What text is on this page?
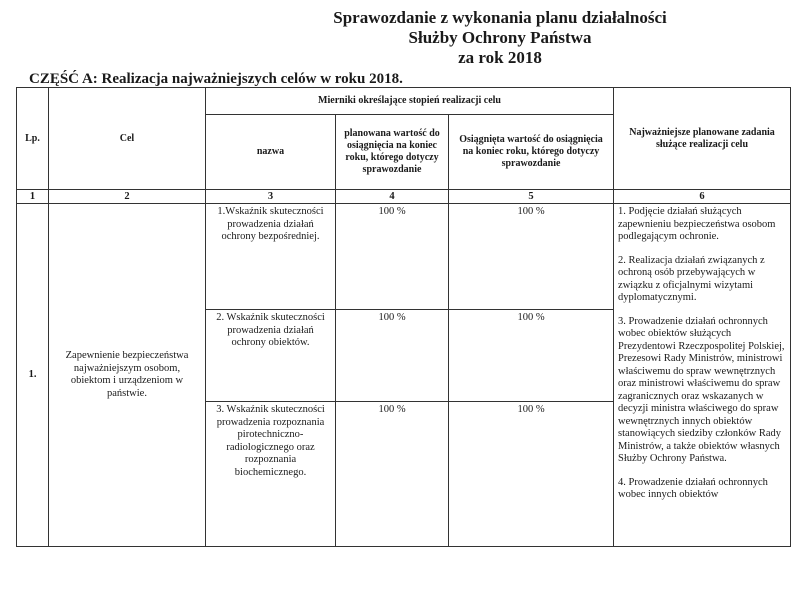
Sprawozdanie z wykonania planu działalności
Służby Ochrony Państwa
za rok 2018
CZĘŚĆ A: Realizacja najważniejszych celów w roku 2018.
Lp.	Cel	Mierniki określające stopień realizacji celu			Najważniejsze planowane zadania służące realizacji celu
		nazwa	planowana wartość do osiągnięcia na koniec roku, którego dotyczy sprawozdanie	Osiągnięta wartość do osiągnięcia na koniec roku, którego dotyczy sprawozdanie	
1	2	3	4	5	6
1.	Zapewnienie bezpieczeństwa najważniejszym osobom, obiektom i urządzeniom w państwie.	1.Wskaźnik skuteczności prowadzenia działań ochrony bezpośredniej.	100 %	100 %	1. Podjęcie działań służących zapewnieniu bezpieczeństwa osobom podlegającym ochronie.

2. Realizacja działań związanych z ochroną osób przebywających w związku z oficjalnymi wizytami dyplomatycznymi.

3. Prowadzenie działań ochronnych wobec obiektów służących Prezydentowi Rzeczpospolitej Polskiej, Prezesowi Rady Ministrów, ministrowi właściwemu do spraw wewnętrznych oraz ministrowi właściwemu do spraw zagranicznych oraz wskazanych w decyzji ministra właściwego do spraw wewnętrznych innych obiektów stanowiących siedziby członków Rady Ministrów, a także obiektów własnych Służby Ochrony Państwa.

4. Prowadzenie działań ochronnych wobec innych obiektów

		2. Wskaźnik skuteczności prowadzenia działań ochrony obiektów.	100 %	100 %	
		3. Wskaźnik skuteczności prowadzenia rozpoznania pirotechniczno-radiologicznego oraz rozpoznania biochemicznego.	100 %	100 %	
